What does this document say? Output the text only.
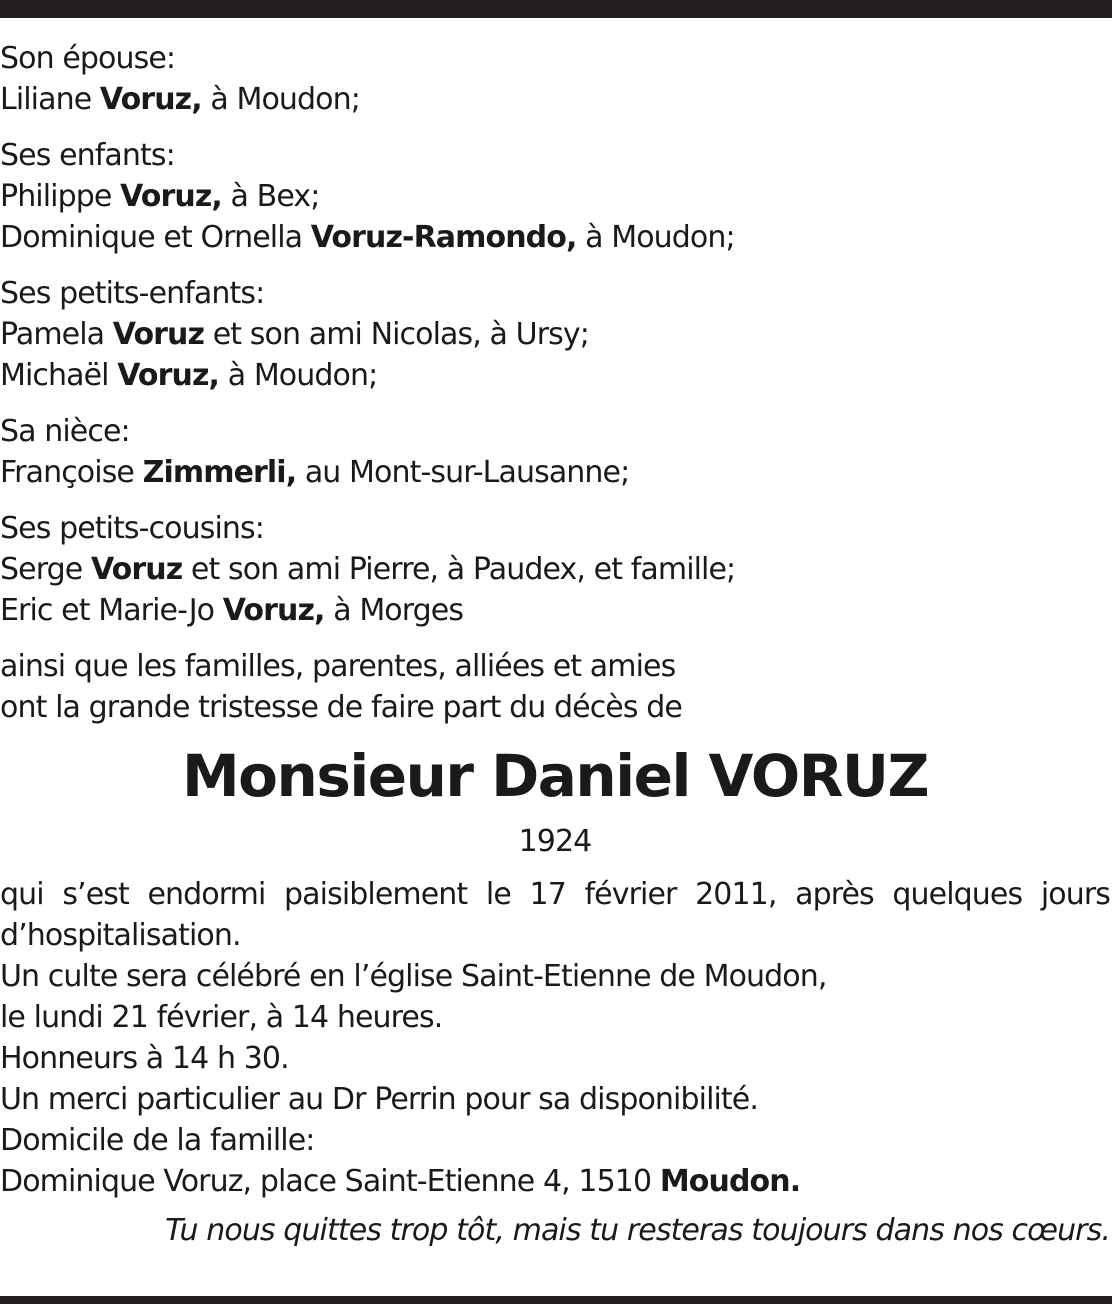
Son épouse:
Liliane Voruz, à Moudon;
Ses enfants:
Philippe Voruz, à Bex;
Dominique et Ornella Voruz-Ramondo, à Moudon;
Ses petits-enfants:
Pamela Voruz et son ami Nicolas, à Ursy;
Michaël Voruz, à Moudon;
Sa nièce:
Françoise Zimmerli, au Mont-sur-Lausanne;
Ses petits-cousins:
Serge Voruz et son ami Pierre, à Paudex, et famille;
Eric et Marie-Jo Voruz, à Morges
ainsi que les familles, parentes, alliées et amies
ont la grande tristesse de faire part du décès de
Monsieur Daniel VORUZ
1924
qui s’est endormi paisiblement le 17 février 2011, après quelques jours
d’hospitalisation.
Un culte sera célébré en l’église Saint-Etienne de Moudon,
le lundi 21 février, à 14 heures.
Honneurs à 14 h 30.
Un merci particulier au Dr Perrin pour sa disponibilité.
Domicile de la famille:
Dominique Voruz, place Saint-Etienne 4, 1510 Moudon.
Tu nous quittes trop tôt, mais tu resteras toujours dans nos cœurs.
